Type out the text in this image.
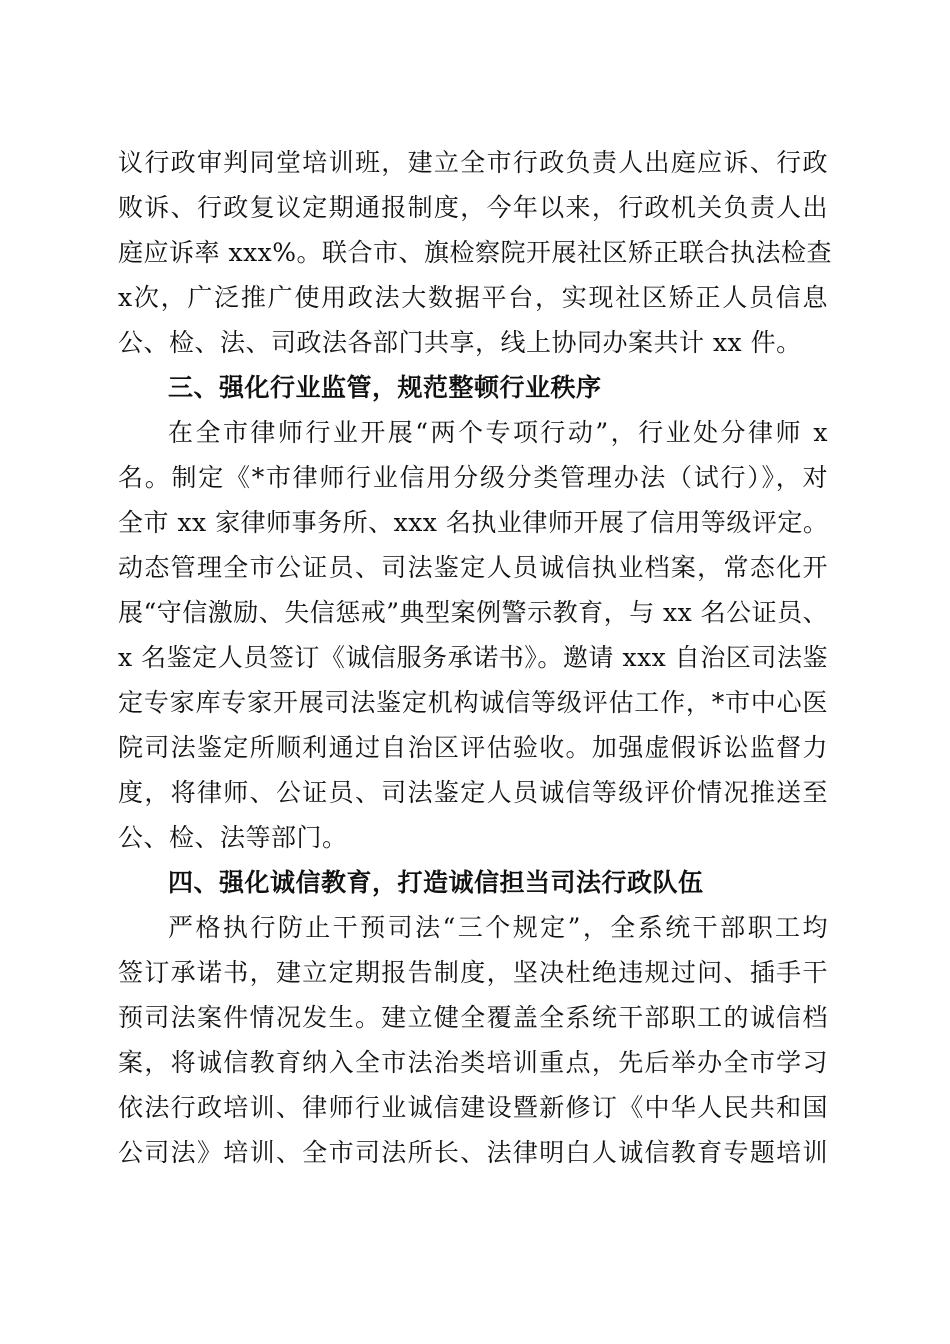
议行政审判同堂培训班，建立全市行政负责人出庭应诉、行政
败诉、行政复议定期通报制度，今年以来，行政机关负责人出
庭应诉率 xxx%。联合市、旗检察院开展社区矫正联合执法检查
x次，广泛推广使用政法大数据平台，实现社区矫正人员信息
公、检、法、司政法各部门共享，线上协同办案共计 xx 件。
三、强化行业监管，规范整顿行业秩序
在全市律师行业开展“两个专项行动”，行业处分律师 x
名。制定《*市律师行业信用分级分类管理办法（试行）》，对
全市 xx 家律师事务所、xxx 名执业律师开展了信用等级评定。
动态管理全市公证员、司法鉴定人员诚信执业档案，常态化开
展“守信激励、失信惩戒”典型案例警示教育，与 xx 名公证员、
x 名鉴定人员签订《诚信服务承诺书》。邀请 xxx 自治区司法鉴
定专家库专家开展司法鉴定机构诚信等级评估工作，*市中心医
院司法鉴定所顺利通过自治区评估验收。加强虚假诉讼监督力
度，将律师、公证员、司法鉴定人员诚信等级评价情况推送至
公、检、法等部门。
四、强化诚信教育，打造诚信担当司法行政队伍
严格执行防止干预司法“三个规定”，全系统干部职工均
签订承诺书，建立定期报告制度，坚决杜绝违规过问、插手干
预司法案件情况发生。建立健全覆盖全系统干部职工的诚信档
案，将诚信教育纳入全市法治类培训重点，先后举办全市学习
依法行政培训、律师行业诚信建设暨新修订《中华人民共和国
公司法》培训、全市司法所长、法律明白人诚信教育专题培训
